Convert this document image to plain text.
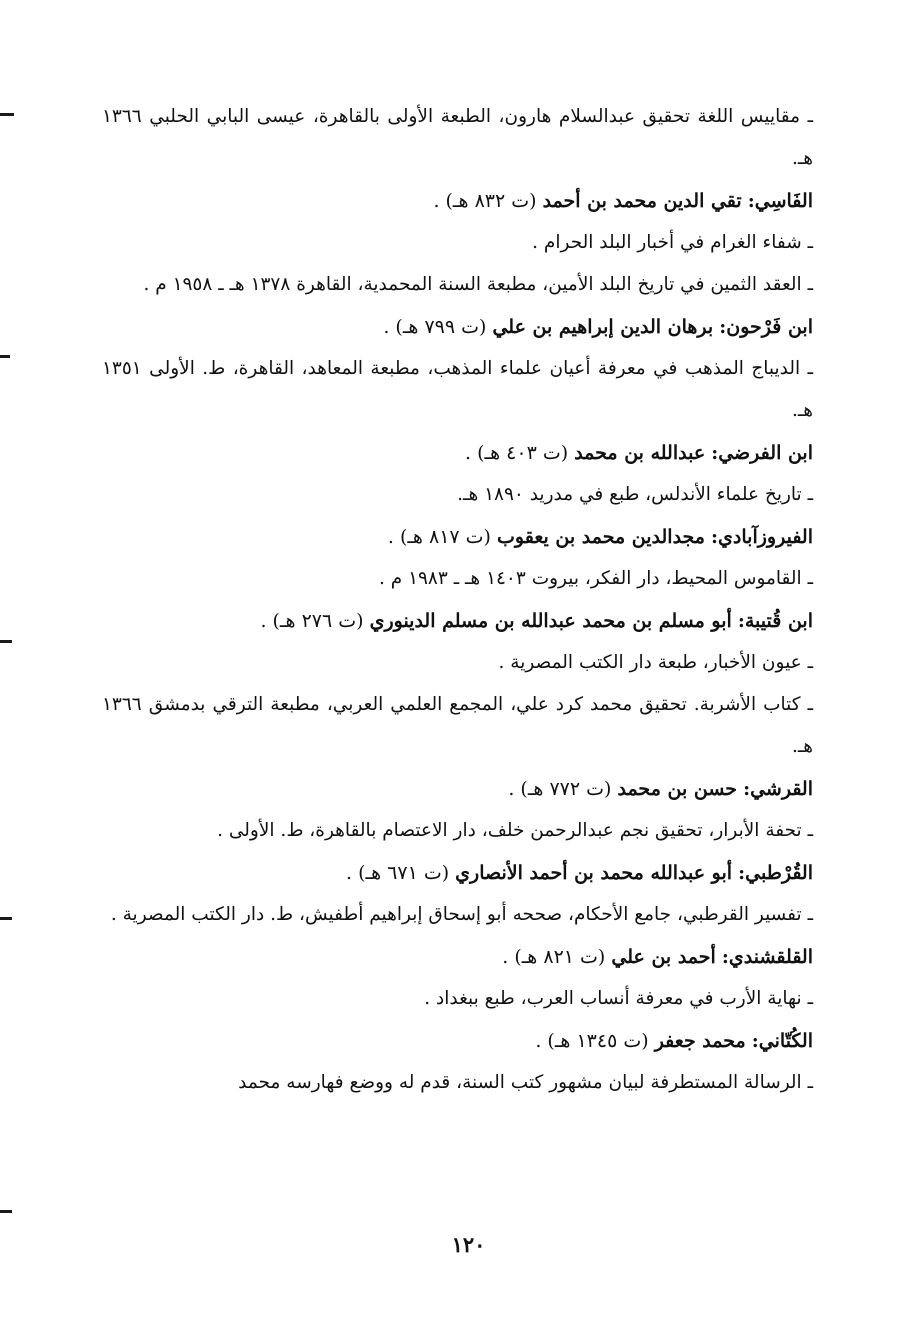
ـ مقاييس اللغة تحقيق عبدالسلام هارون، الطبعة الأولى بالقاهرة، عيسى البابي الحلبي ١٣٦٦ هـ.

الفَاسِي: تقي الدين محمد بن أحمد (ت ٨٣٢ هـ) .

ـ شفاء الغرام في أخبار البلد الحرام .

ـ العقد الثمين في تاريخ البلد الأمين، مطبعة السنة المحمدية، القاهرة ١٣٧٨ هـ ـ ١٩٥٨ م .

ابن فَرْحون: برهان الدين إبراهيم بن علي (ت ٧٩٩ هـ) .

ـ الديباج المذهب في معرفة أعيان علماء المذهب، مطبعة المعاهد، القاهرة، ط. الأولى ١٣٥١ هـ.

ابن الفرضي: عبدالله بن محمد (ت ٤٠٣ هـ) .

ـ تاريخ علماء الأندلس، طبع في مدريد ١٨٩٠ هـ.

الفيروزآبادي: مجدالدين محمد بن يعقوب (ت ٨١٧ هـ) .

ـ القاموس المحيط، دار الفكر، بيروت ١٤٠٣ هـ ـ ١٩٨٣ م .

ابن قُتيبة: أبو مسلم بن محمد عبدالله بن مسلم الدينوري (ت ٢٧٦ هـ) .

ـ عيون الأخبار، طبعة دار الكتب المصرية .

ـ كتاب الأشربة. تحقيق محمد كرد علي، المجمع العلمي العربي، مطبعة الترقي بدمشق ١٣٦٦ هـ.

القرشي: حسن بن محمد (ت ٧٧٢ هـ) .

ـ تحفة الأبرار، تحقيق نجم عبدالرحمن خلف، دار الاعتصام بالقاهرة، ط. الأولى .

القُرْطبي: أبو عبدالله محمد بن أحمد الأنصاري (ت ٦٧١ هـ) .

ـ تفسير القرطبي، جامع الأحكام، صححه أبو إسحاق إبراهيم أطفيش، ط. دار الكتب المصرية .

القلقشندي: أحمد بن علي (ت ٨٢١ هـ) .

ـ نهاية الأرب في معرفة أنساب العرب، طبع ببغداد .

الكُتّاني: محمد جعفر (ت ١٣٤٥ هـ) .

ـ الرسالة المستطرفة لبيان مشهور كتب السنة، قدم له ووضع فهارسه محمد

١٢٠
